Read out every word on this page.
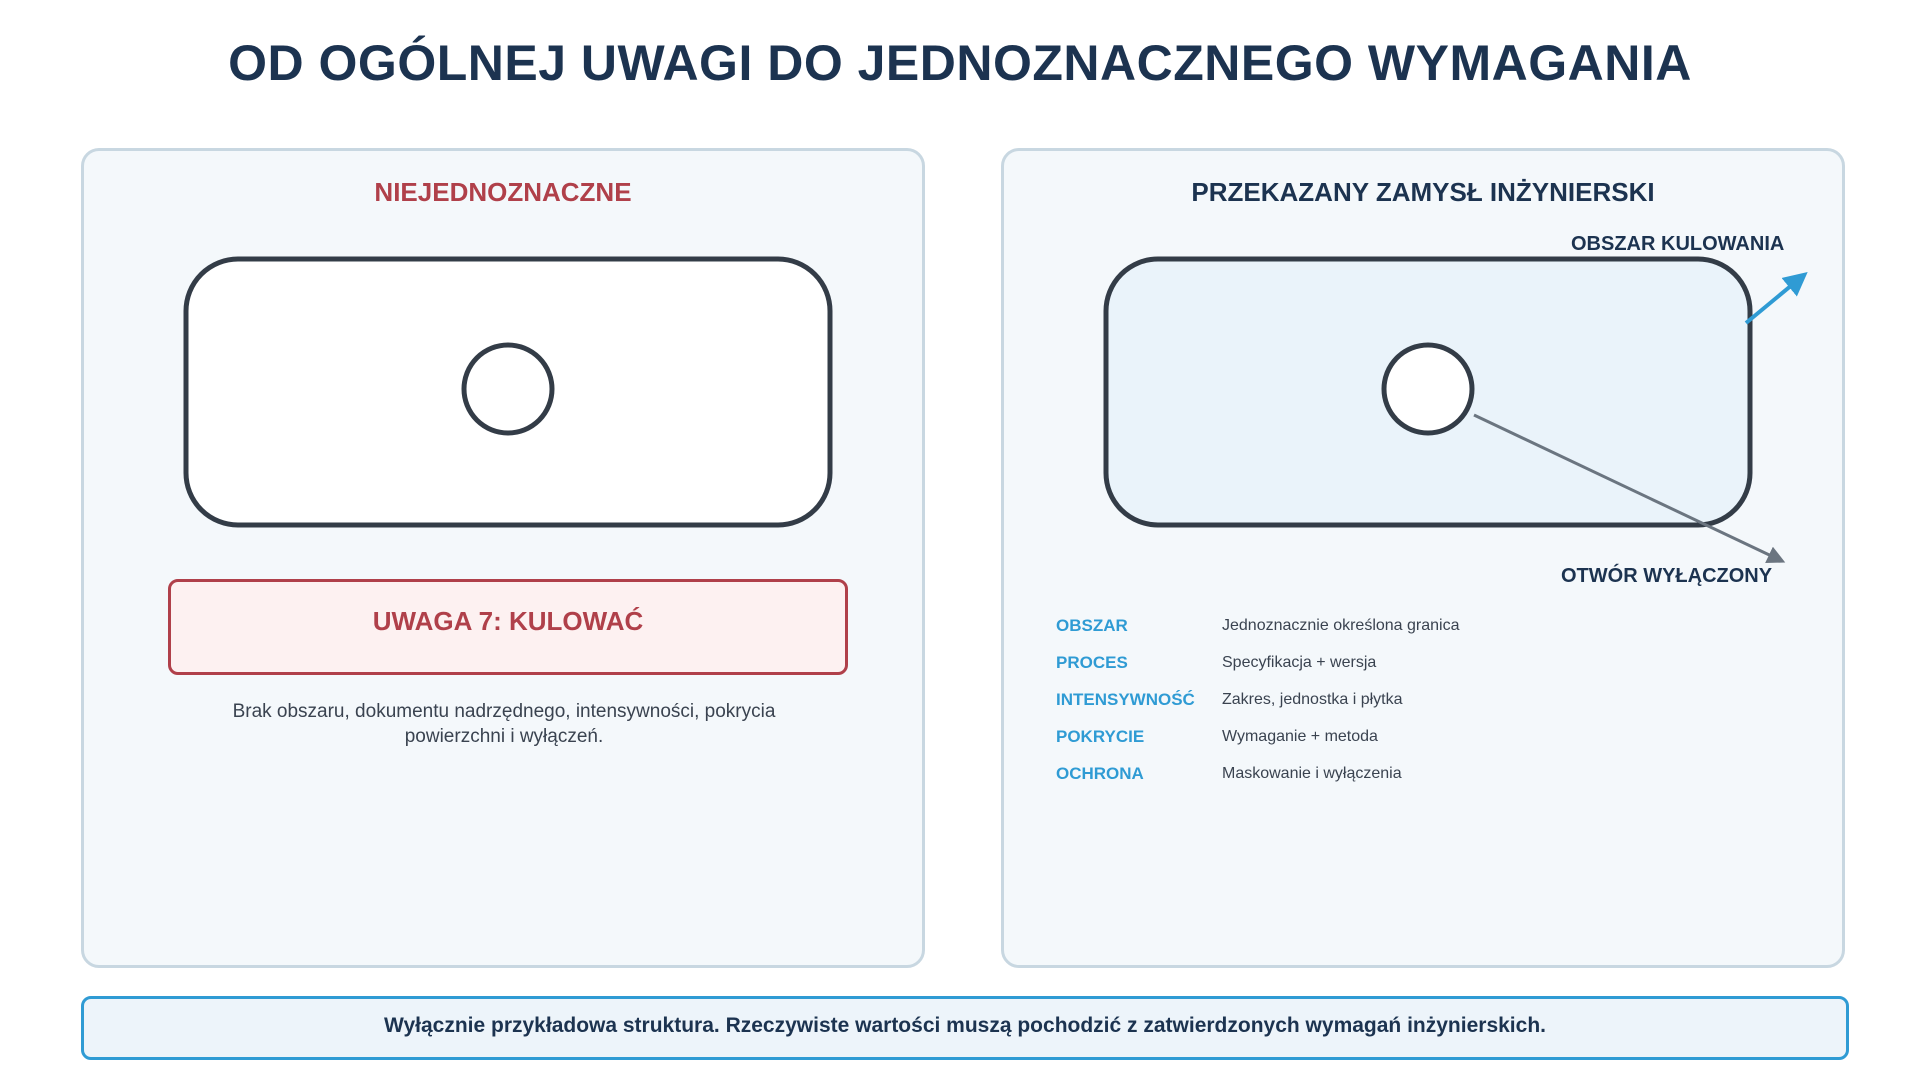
OD OGÓLNEJ UWAGI DO JEDNOZNACZNEGO WYMAGANIA
NIEJEDNOZNACZNE
UWAGA 7: KULOWAĆ
Brak obszaru, dokumentu nadrzędnego, intensywności, pokrycia powierzchni i wyłączeń.
PRZEKAZANY ZAMYSŁ INŻYNIERSKI
OBSZAR KULOWANIA
OTWÓR WYŁĄCZONY
OBSZAR	Jednoznacznie określona granica
PROCES	Specyfikacja + wersja
INTENSYWNOŚĆ Zakres, jednostka i płytka
POKRYCIE	Wymaganie + metoda
OCHRONA	Maskowanie i wyłączenia
Wyłącznie przykładowa struktura. Rzeczywiste wartości muszą pochodzić z zatwierdzonych wymagań inżynierskich.
